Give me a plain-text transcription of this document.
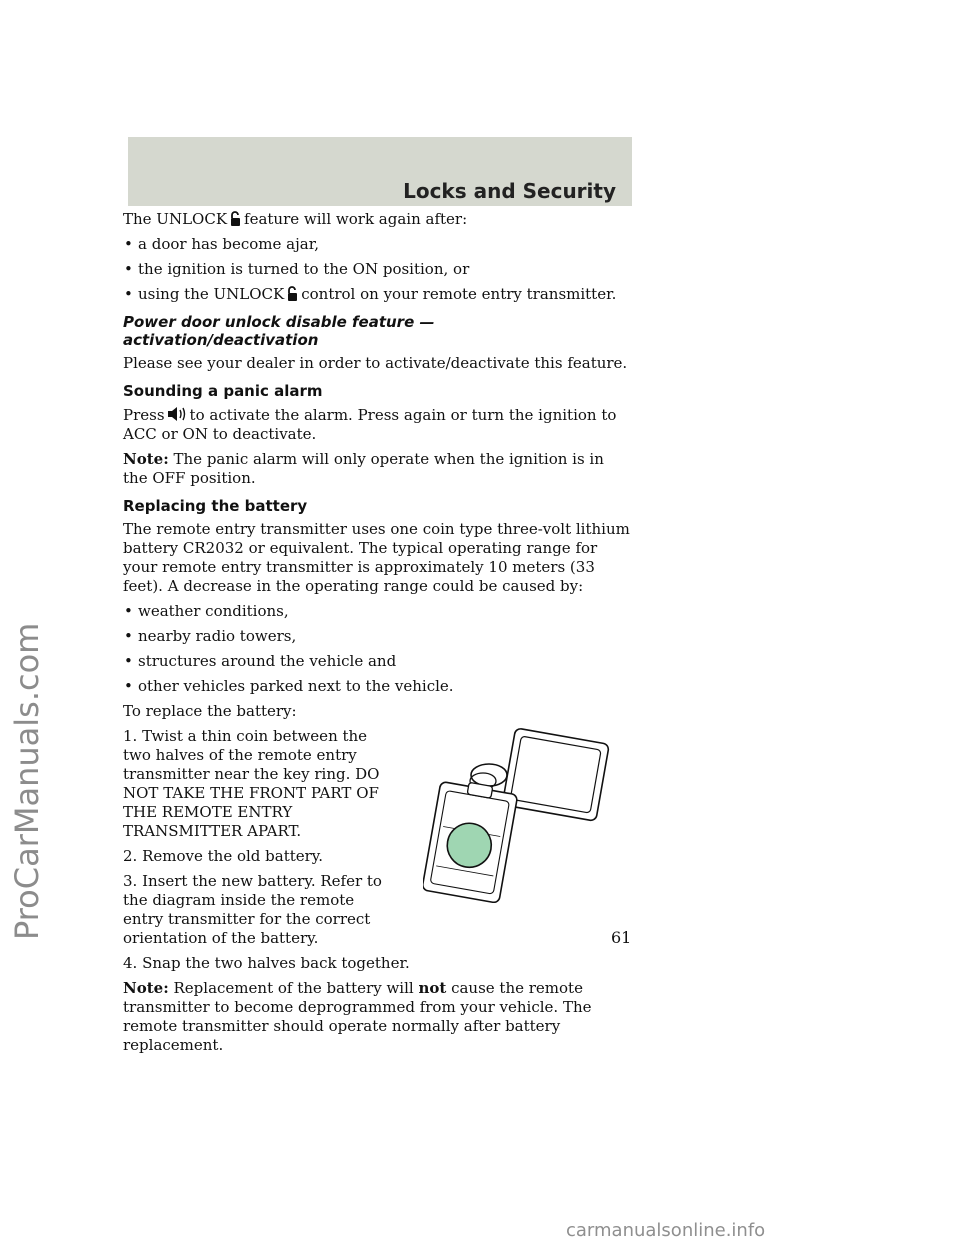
Locks and Security
ProCarManuals.com

The UNLOCK feature will work again after:

• a door has become ajar,
• the ignition is turned to the ON position, or
• using the UNLOCK control on your remote entry transmitter.
Power door unlock disable feature — activation/deactivation

Please see your dealer in order to activate/deactivate this feature.

Sounding a panic alarm

Press to activate the alarm. Press again or turn the ignition to ACC or ON to deactivate.

Note: The panic alarm will only operate when the ignition is in the OFF position.

Replacing the battery

The remote entry transmitter uses one coin type three-volt lithium battery CR2032 or equivalent. The typical operating range for your remote entry transmitter is approximately 10 meters (33 feet). A decrease in the operating range could be caused by:

• weather conditions,
• nearby radio towers,
• structures around the vehicle and
• other vehicles parked next to the vehicle.

To replace the battery:

1. Twist a thin coin between the two halves of the remote entry transmitter near the key ring. DO NOT TAKE THE FRONT PART OF THE REMOTE ENTRY TRANSMITTER APART.

2. Remove the old battery.

3. Insert the new battery. Refer to the diagram inside the remote entry transmitter for the correct orientation of the battery.

4. Snap the two halves back together.

Note: Replacement of the battery will not cause the remote transmitter to become deprogrammed from your vehicle. The remote transmitter should operate normally after battery replacement.

61
carmanualsonline.info
